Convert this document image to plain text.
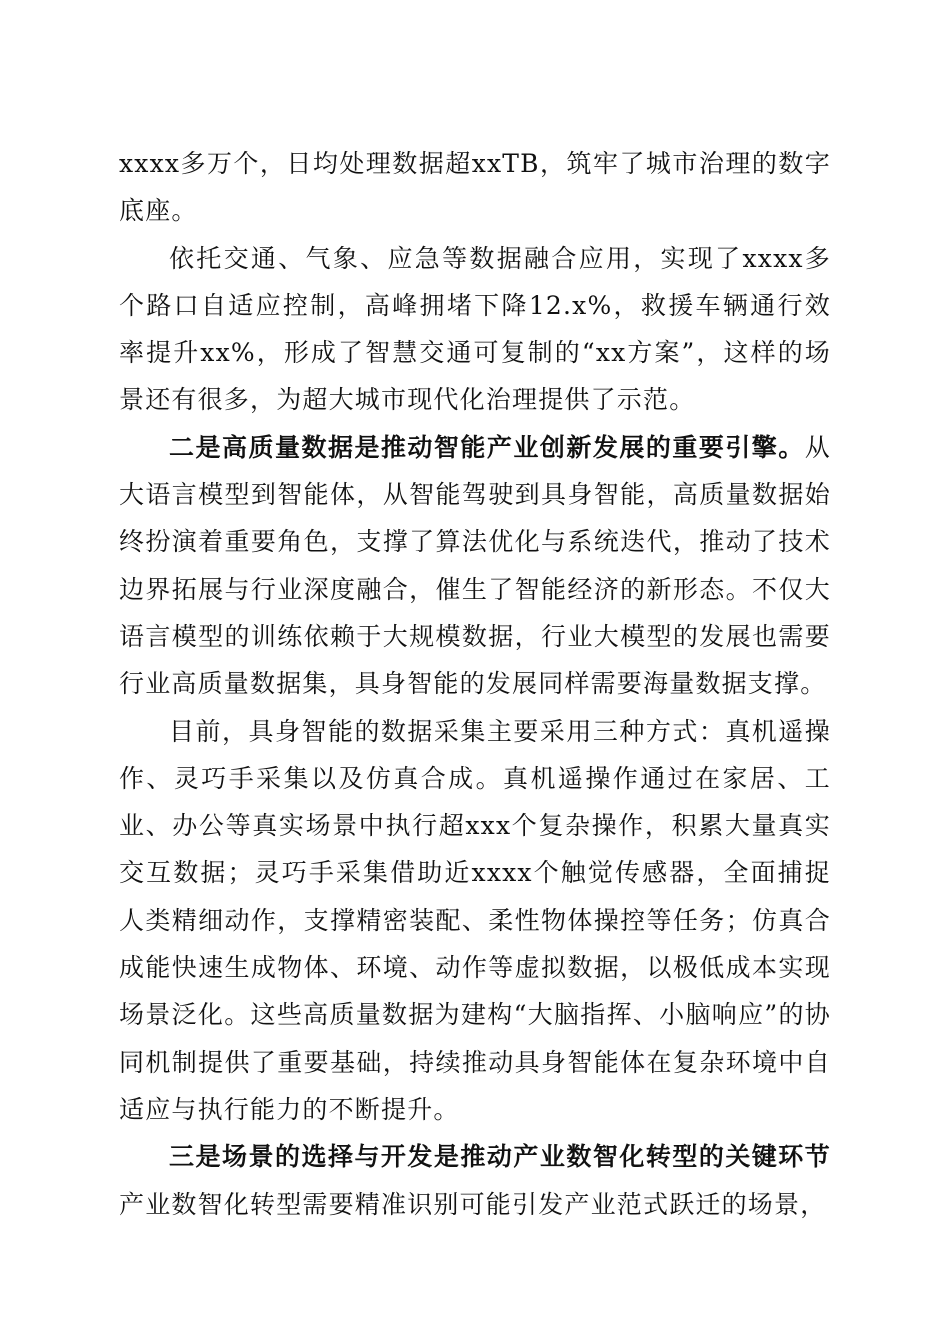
xxxx多万个，日均处理数据超xxTB，筑牢了城市治理的数字底座。

依托交通、气象、应急等数据融合应用，实现了xxxx多个路口自适应控制，高峰拥堵下降12.x%，救援车辆通行效率提升xx%，形成了智慧交通可复制的“xx方案”，这样的场景还有很多，为超大城市现代化治理提供了示范。

二是高质量数据是推动智能产业创新发展的重要引擎。从大语言模型到智能体，从智能驾驶到具身智能，高质量数据始终扮演着重要角色，支撑了算法优化与系统迭代，推动了技术边界拓展与行业深度融合，催生了智能经济的新形态。不仅大语言模型的训练依赖于大规模数据，行业大模型的发展也需要行业高质量数据集，具身智能的发展同样需要海量数据支撑。

目前，具身智能的数据采集主要采用三种方式：真机遥操作、灵巧手采集以及仿真合成。真机遥操作通过在家居、工业、办公等真实场景中执行超xxx个复杂操作，积累大量真实交互数据；灵巧手采集借助近xxxx个触觉传感器，全面捕捉人类精细动作，支撑精密装配、柔性物体操控等任务；仿真合成能快速生成物体、环境、动作等虚拟数据，以极低成本实现场景泛化。这些高质量数据为建构“大脑指挥、小脑响应”的协同机制提供了重要基础，持续推动具身智能体在复杂环境中自适应与执行能力的不断提升。

三是场景的选择与开发是推动产业数智化转型的关键环节产业数智化转型需要精准识别可能引发产业范式跃迁的场景，
